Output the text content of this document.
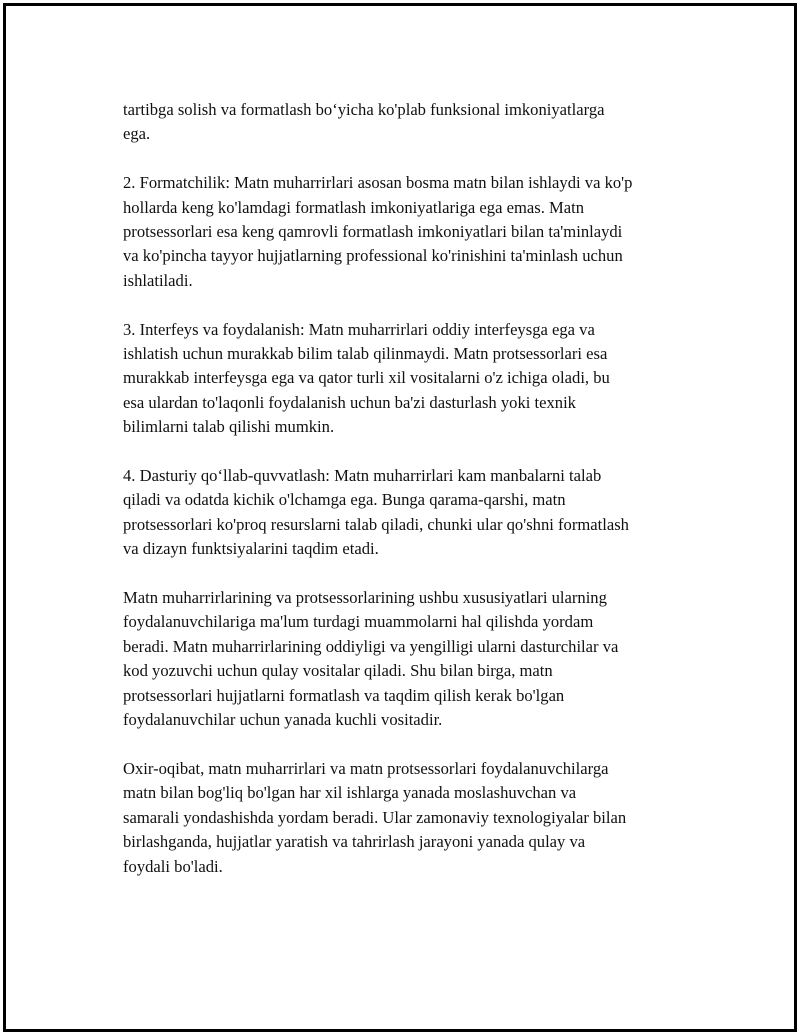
tartibga solish va formatlash boʻyicha ko'plab funksional imkoniyatlarga
ega.

2. Formatchilik: Matn muharrirlari asosan bosma matn bilan ishlaydi va ko'p
hollarda keng ko'lamdagi formatlash imkoniyatlariga ega emas. Matn
protsessorlari esa keng qamrovli formatlash imkoniyatlari bilan ta'minlaydi
va ko'pincha tayyor hujjatlarning professional ko'rinishini ta'minlash uchun
ishlatiladi.

3. Interfeys va foydalanish: Matn muharrirlari oddiy interfeysga ega va
ishlatish uchun murakkab bilim talab qilinmaydi. Matn protsessorlari esa
murakkab interfeysga ega va qator turli xil vositalarni o'z ichiga oladi, bu
esa ulardan to'laqonli foydalanish uchun ba'zi dasturlash yoki texnik
bilimlarni talab qilishi mumkin.

4. Dasturiy qoʻllab-quvvatlash: Matn muharrirlari kam manbalarni talab
qiladi va odatda kichik o'lchamga ega. Bunga qarama-qarshi, matn
protsessorlari ko'proq resurslarni talab qiladi, chunki ular qo'shni formatlash
va dizayn funktsiyalarini taqdim etadi.

Matn muharrirlarining va protsessorlarining ushbu xususiyatlari ularning
foydalanuvchilariga ma'lum turdagi muammolarni hal qilishda yordam
beradi. Matn muharrirlarining oddiyligi va yengilligi ularni dasturchilar va
kod yozuvchi uchun qulay vositalar qiladi. Shu bilan birga, matn
protsessorlari hujjatlarni formatlash va taqdim qilish kerak bo'lgan
foydalanuvchilar uchun yanada kuchli vositadir.

Oxir-oqibat, matn muharrirlari va matn protsessorlari foydalanuvchilarga
matn bilan bog'liq bo'lgan har xil ishlarga yanada moslashuvchan va
samarali yondashishda yordam beradi. Ular zamonaviy texnologiyalar bilan
birlashganda, hujjatlar yaratish va tahrirlash jarayoni yanada qulay va
foydali bo'ladi.
